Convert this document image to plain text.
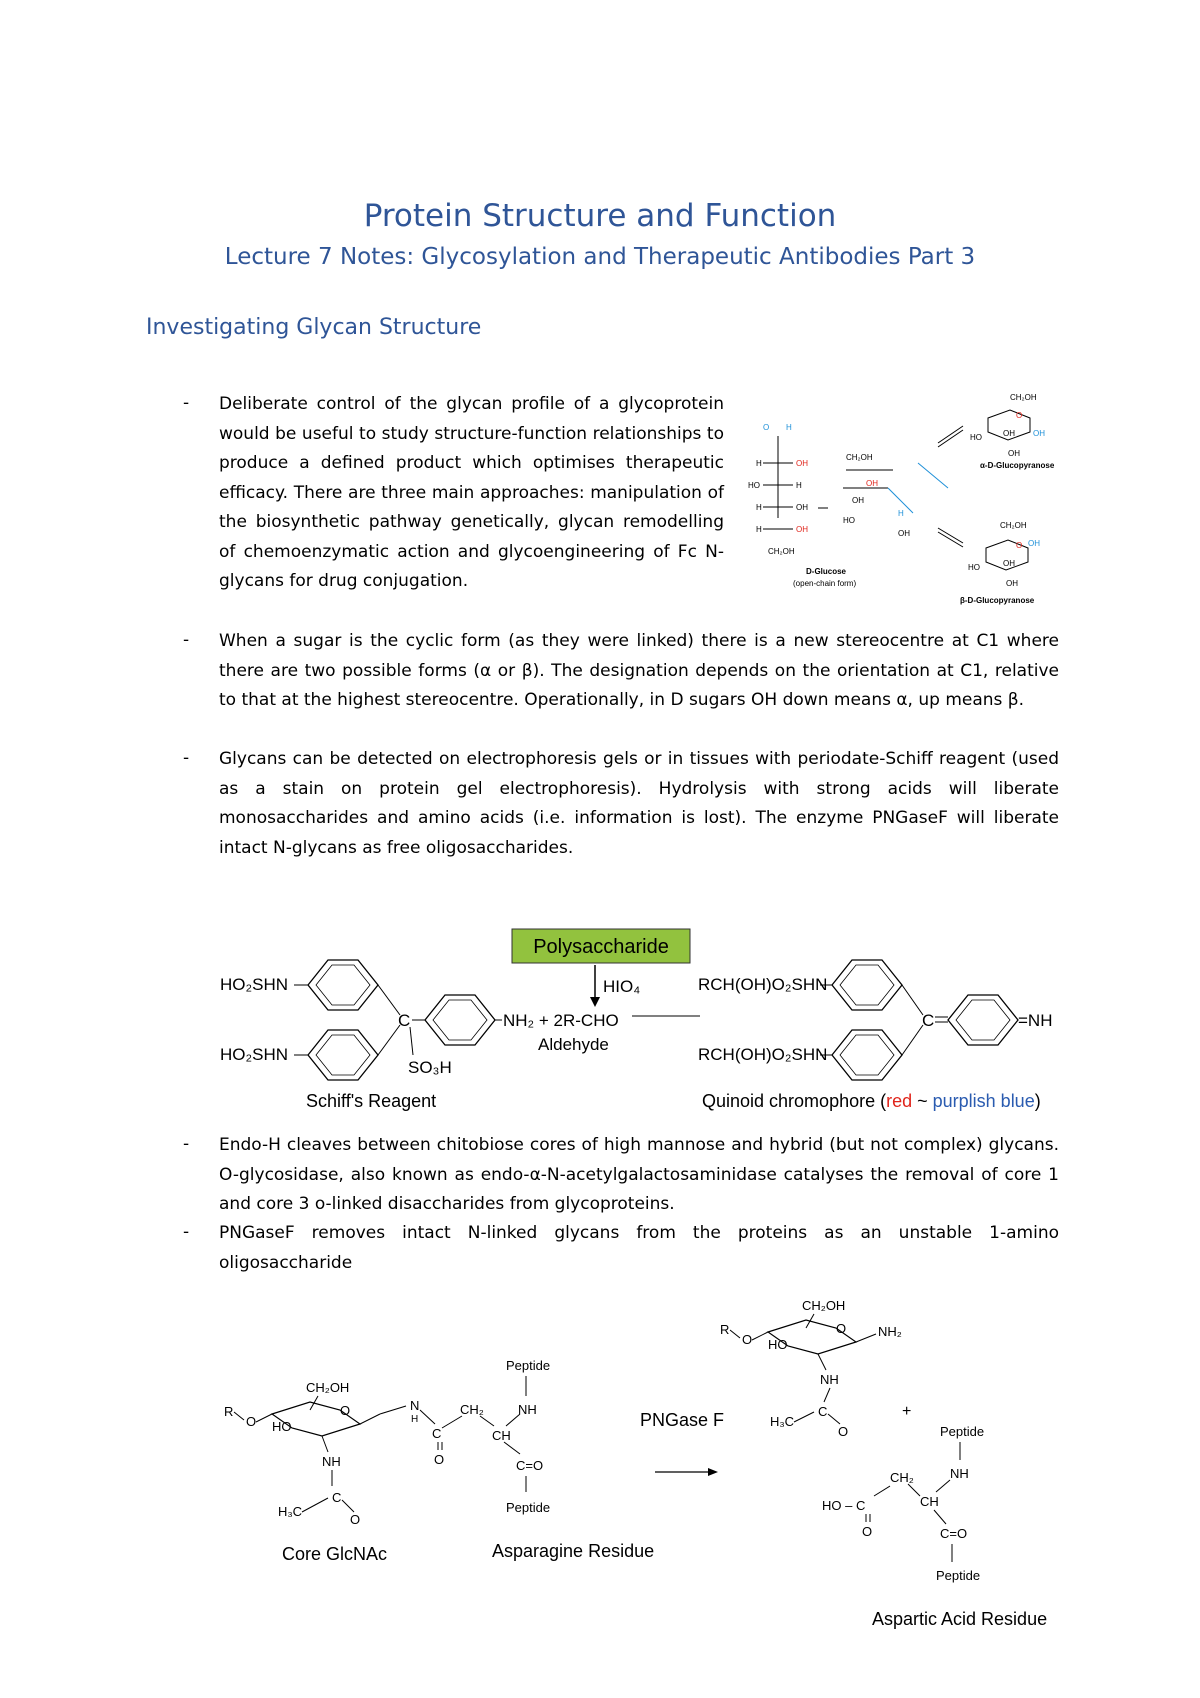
Protein Structure and Function
Lecture 7 Notes: Glycosylation and Therapeutic Antibodies Part 3
Investigating Glycan Structure
- Deliberate control of the glycan profile of a glycoprotein would be useful to study structure-function relationships to produce a defined product which optimises therapeutic efficacy. There are three main approaches: manipulation of the biosynthetic pathway genetically, glycan remodelling of chemoenzymatic action and glycoengineering of Fc N-glycans for drug conjugation.
O H
H	OH
HO	H
H	OH
H	OH
CH₂OH
D-Glucose
(open-chain form)
CH₂OH
OH
OH
HO
H
OH
CH₂OH
O
OH
HO	OH
OH
α-D-Glucopyranose
CH₂OH
O OH
HO	OH
OH
β-D-Glucopyranose
- When a sugar is the cyclic form (as they were linked) there is a new stereocentre at C1 where there are two possible forms (α or β). The designation depends on the orientation at C1, relative to that at the highest stereocentre. Operationally, in D sugars OH down means α, up means β.
- Glycans can be detected on electrophoresis gels or in tissues with periodate-Schiff reagent (used as a stain on protein gel electrophoresis). Hydrolysis with strong acids will liberate monosaccharides and amino acids (i.e. information is lost). The enzyme PNGaseF will liberate intact N-glycans as free oligosaccharides.
Polysaccharide
HIO₄
HO₂SHN
HO₂SHN
C
SO₃H
NH₂ + 2R-CHO
Aldehyde
RCH(OH)O₂SHN
RCH(OH)O₂SHN
C	=NH
Schiff's Reagent	Quinoid chromophore (red ~ purplish blue)
- Endo-H cleaves between chitobiose cores of high mannose and hybrid (but not complex) glycans. O-glycosidase, also known as endo-α-N-acetylgalactosaminidase catalyses the removal of core 1 and core 3 o-linked disaccharides from glycoproteins.
- PNGaseF removes intact N-linked glycans from the proteins as an unstable 1-amino oligosaccharide
R
O
CH₂OH
O
HO
N
H
NH
C
H₃C
O
C
O
CH₂
CH
NH
Peptide
C=O
Peptide
PNGase F
R
O
CH₂OH
O
HO
NH₂
NH
C
H₃C
O
+
Peptide
NH
CH
CH₂
HO – C
O	C=O
Peptide
Core GlcNAc	Asparagine Residue
Aspartic Acid Residue
